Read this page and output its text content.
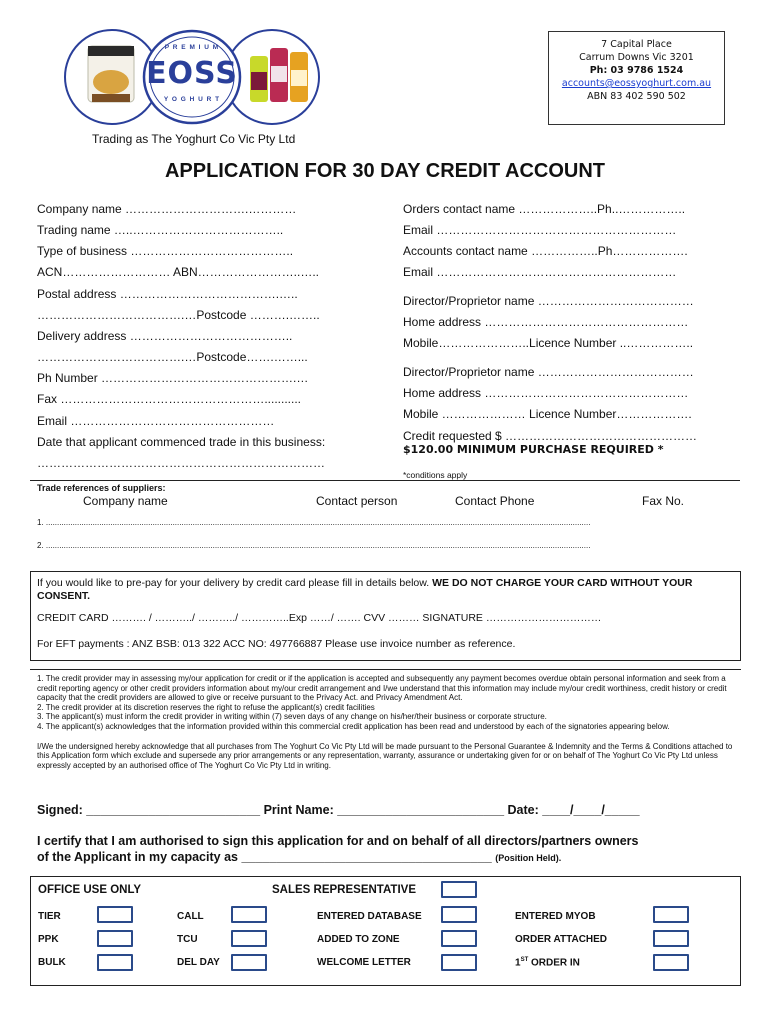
P R E M I U M
EOSS
Y O G H U R T
7 Capital Place
Carrum Downs Vic 3201
Ph: 03 9786 1524
accounts@eossyoghurt.com.au
ABN 83 402 590 502
Trading as The Yoghurt Co Vic Pty Ltd
APPLICATION FOR 30 DAY CREDIT ACCOUNT
Company name ………………………….…………
Trading name …..………………………………..
Type of business …………………………………..
ACN……………………… ABN……………………..…..
Postal address ………………………………….…..
……………………………….…Postcode ……….……..
Delivery address …………………………………..
……………………………….…Postcode…….……...
Ph Number ………………………………………….…
Fax ……………………………………………...........
Email ……………………………………………
Date that applicant commenced trade in this business:
………………………………………………………………
Orders contact name ………………..Ph..……………..
Email ……………………………………………………
Accounts contact name ……………..Ph……………….
Email ……………………………………………………
Director/Proprietor name …………………………………
Home address ……………………………………………
Mobile…………………..Licence Number ..……………..
Director/Proprietor name …………………………………
Home address ……………………………………………
Mobile ………………… Licence Number……………….
Credit requested $ …………………………………………
$120.00 MINIMUM PURCHASE REQUIRED *
*conditions apply
Trade references of suppliers:
Company name	Contact person	Contact Phone	Fax No.
1. .....................................................................................................................................................................................................................................................
2. .....................................................................................................................................................................................................................................................
If you would like to pre-pay for your delivery by credit card please fill in details below. WE DO NOT CHARGE YOUR CARD WITHOUT YOUR CONSENT.
CREDIT CARD ………. / ………../ ………../ …………..Exp ……/ ……. CVV ……… SIGNATURE ……………………………
For EFT payments : ANZ BSB: 013 322 ACC NO: 497766887 Please use invoice number as reference.

1. The credit provider may in assessing my/our application for credit or if the application is accepted and subsequently any payment becomes overdue obtain personal information and seek from a credit reporting agency or other credit providers information about my/our credit arrangement and I/we understand that this information may include my/our credit worthiness, credit history or credit capacity that the credit providers are allowed to give or receive pursuant to the Privacy Act. and Privacy Amendment Act.

2. The credit provider at its discretion reserves the right to refuse the applicant(s) credit facilities

3. The applicant(s) must inform the credit provider in writing within (7) seven days of any change on his/her/their business or corporate structure.

4. The applicant(s) acknowledges that the information provided within this commercial credit application has been read and understood by each of the signatories appearing below.

I/We the undersigned hereby acknowledge that all purchases from The Yoghurt Co Vic Pty Ltd will be made pursuant to the Personal Guarantee & Indemnity and the Terms & Conditions attached to this Application form which exclude and supersede any prior arrangements or any representation, warranty, assurance or undertaking given for or on behalf of The Yoghurt Co Vic Pty Ltd unless expressly accepted by an authorised office of The Yoghurt Co Vic Pty Ltd in writing.

Signed: _________________________ Print Name: ________________________ Date: ____/____/_____
I certify that I am authorised to sign this application for and on behalf of all directors/partners owners
of the Applicant in my capacity as ____________________________________ (Position Held).
OFFICE USE ONLY	SALES REPRESENTATIVE
TIER	CALL	ENTERED DATABASE	ENTERED MYOB
PPK	TCU	ADDED TO ZONE	ORDER ATTACHED
BULK	DEL DAY	WELCOME LETTER	1ST ORDER IN
